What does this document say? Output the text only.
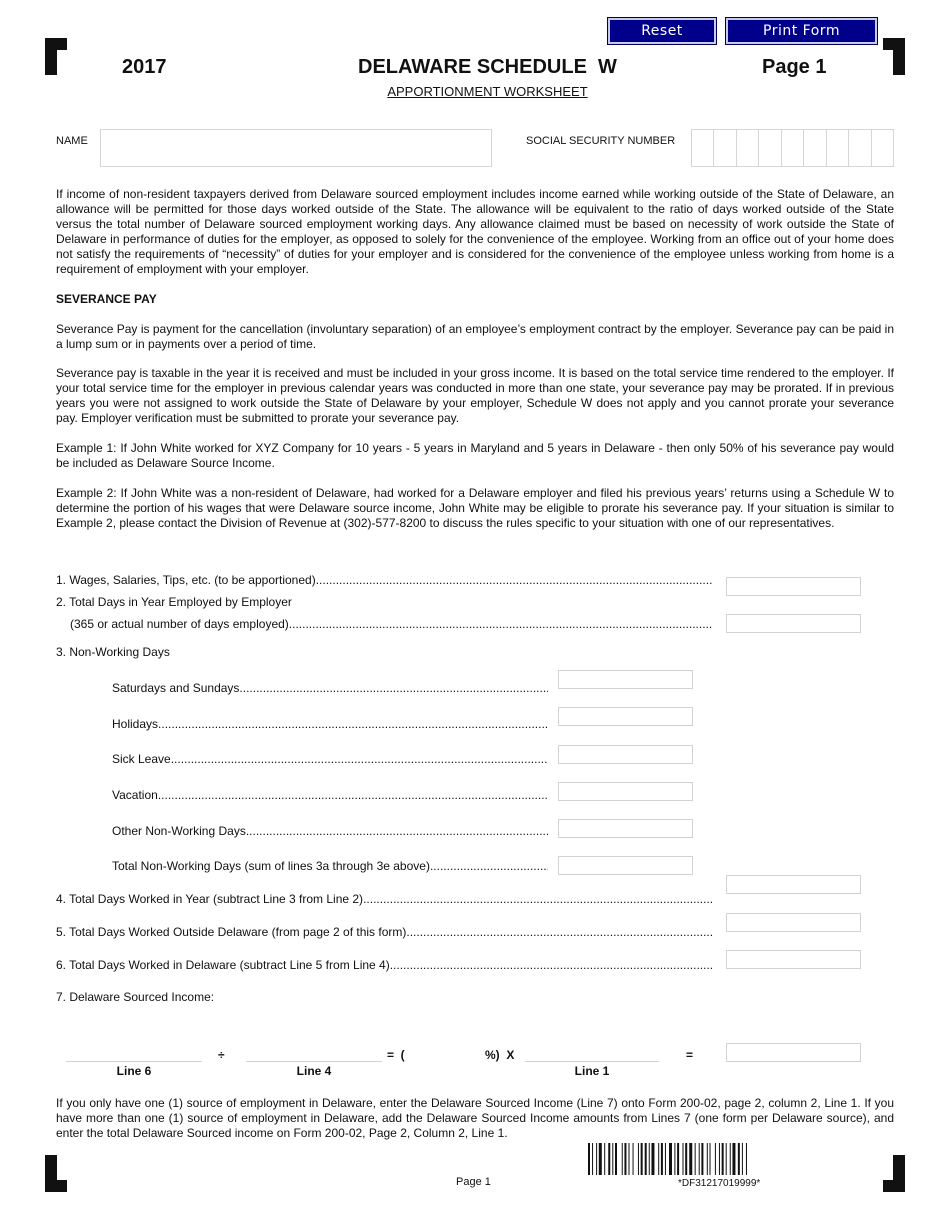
Reset	Print Form
2017	DELAWARE SCHEDULE  W	Page 1
APPORTIONMENT WORKSHEET
NAME	SOCIAL SECURITY NUMBER

If income of non-resident taxpayers derived from Delaware sourced employment includes income earned while working outside of the State of Delaware, an allowance will be permitted for those days worked outside of the State. The allowance will be equivalent to the ratio of days worked outside of the State versus the total number of Delaware sourced employment working days. Any allowance claimed must be based on necessity of work outside the State of Delaware in performance of duties for the employer, as opposed to solely for the convenience of the employee. Working from an office out of your home does not satisfy the requirements of “necessity” of duties for your employer and is considered for the convenience of the employee unless working from home is a requirement of employment with your employer.

SEVERANCE PAY

Severance Pay is payment for the cancellation (involuntary separation) of an employee’s employment contract by the employer. Severance pay can be paid in a lump sum or in payments over a period of time.

Severance pay is taxable in the year it is received and must be included in your gross income. It is based on the total service time rendered to the employer. If your total service time for the employer in previous calendar years was conducted in more than one state, your severance pay may be prorated. If in previous years you were not assigned to work outside the State of Delaware by your employer, Schedule W does not apply and you cannot prorate your severance pay. Employer verification must be submitted to prorate your severance pay.

Example 1: If John White worked for XYZ Company for 10 years - 5 years in Maryland and 5 years in Delaware - then only 50% of his severance pay would be included as Delaware Source Income.

Example 2: If John White was a non-resident of Delaware, had worked for a Delaware employer and filed his previous years’ returns using a Schedule W to determine the portion of his wages that were Delaware source income, John White may be eligible to prorate his severance pay. If your situation is similar to Example 2, please contact the Division of Revenue at (302)-577-8200 to discuss the rules specific to your situation with one of our representatives.

1. Wages, Salaries, Tips, etc. (to be apportioned)
.....
2. Total Days in Year Employed by Employer
(365 or actual number of days employed)
.....
3. Non-Working Days
Saturdays and Sundays
.....
Holidays
.....
Sick Leave
.....
Vacation
.....
Other Non-Working Days
.....
Total Non-Working Days (sum of lines 3a through 3e above)
.....
4. Total Days Worked in Year (subtract Line 3 from Line 2)
.....
5. Total Days Worked Outside Delaware (from page 2 of this form)
.....
6. Total Days Worked in Delaware (subtract Line 5 from Line 4)
.....
7. Delaware Sourced Income:
÷	=  (	%)  X	=
Line 6	Line 4	Line 1

If you only have one (1) source of employment in Delaware, enter the Delaware Sourced Income (Line 7) onto Form 200-02, page 2, column 2, Line 1. If you have more than one (1) source of employment in Delaware, add the Delaware Sourced Income amounts from Lines 7 (one form per Delaware source), and enter the total Delaware Sourced income on Form 200-02, Page 2, Column 2, Line 1.

*DF31217019999*
Page 1
